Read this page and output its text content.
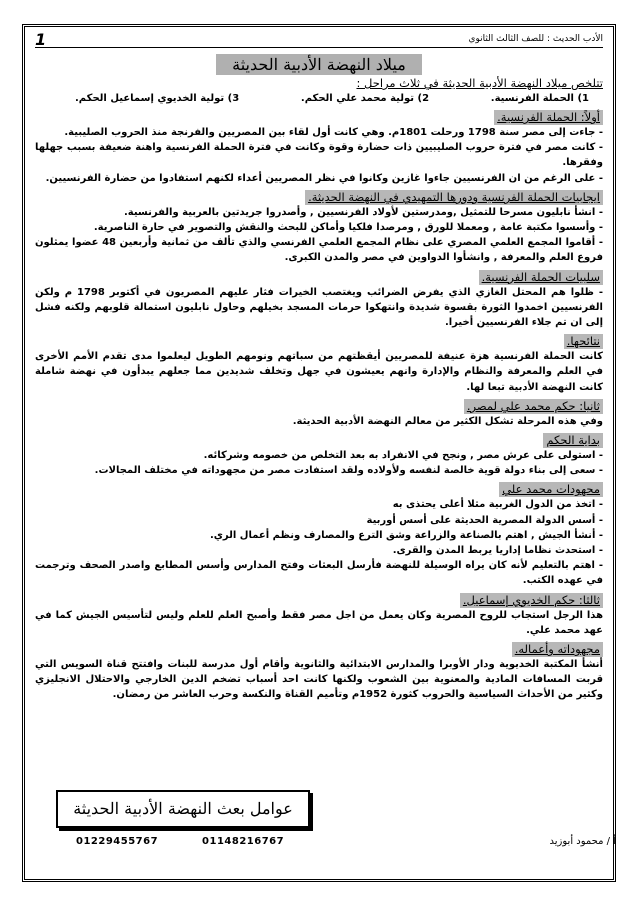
الأدب الحديث : للصف الثالث الثانوي
1
ميلاد النهضة الأدبية الحديثة
تتلخص ميلاد النهضة الأدبية الحديثة في ثلاث مراحل :
1) الحملة الفرنسية.
2) تولية محمد علي الحكم.
3) تولية الخديوي إسماعيل الحكم.
أولاً: الحملة الفرنسية.

- جاءت إلى مصر سنة 1798 ورحلت 1801م. وهي كانت أول لقاء بين المصريين والفرنجة منذ الحروب الصليبية.

- كانت مصر في فترة حروب الصليبيين ذات حضارة وقوة وكانت في فترة الحملة الفرنسية واهنة ضعيفة بسبب جهلها وفقرها.

- على الرغم من ان الفرنسيين جاءوا غازين وكانوا في نظر المصريين أعداء لكنهم استفادوا من حضارة الفرنسيين.

ايجابيات الحملة الفرنسية ودورها التمهيدي في النهضة الحديثة.

- انشأ نابليون مسرحا للتمثيل ,ومدرستين لأولاد الفرنسيين , وأصدروا جريدتين بالعربية والفرنسية.

- وأسسوا مكتبة عامة , ومعملا للورق , ومرصدا فلكيا وأماكن للبحث والنقش والتصوير في حارة الناصرية.

- أقاموا المجمع العلمي المصري على نظام المجمع العلمي الفرنسي والذي تألف من ثمانية وأربعين 48 عضوا يمثلون فروع العلم والمعرفة , وانشأوا الدواوين في مصر والمدن الكبرى.

سلبيات الحملة الفرنسية.

- ظلوا هم المحتل الغازي الذي يفرض الضرائب ويغتصب الخيرات فثار عليهم المصريون في أكتوبر 1798 م ولكن الفرنسيين اخمدوا الثورة بقسوة شديدة وانتهكوا حرمات المسجد بخيلهم وحاول نابليون استمالة قلوبهم ولكنه فشل إلى ان تم جلاء الفرنسيين أخيرا.

نتائجها.

كانت الحملة الفرنسية هزة عنيفة للمصريين أيقظتهم من سباتهم ونومهم الطويل ليعلموا مدى تقدم الأمم الأخرى في العلم والمعرفة والنظام والإدارة وانهم يعيشون في جهل وتخلف شديدين مما جعلهم يبدأون في نهضة شاملة كانت النهضة الأدبية تبعا لها.

ثانيا: حكم محمد علي لمصر.

وفي هذه المرحلة تشكل الكثير من معالم النهضة الأدبية الحديثة.

بداية الحكم

- استولى على عرش مصر , ونجح في الانفراد به بعد التخلص من خصومه وشركائه.

- سعى إلى بناء دولة قوية خالصة لنفسه ولأولاده ولقد استفادت مصر من مجهوداته في مختلف المجالات.

مجهودات محمد علي

- اتخذ من الدول الغربية مثلا أعلى يحتذى به

- أسس الدولة المصرية الحديثة على أسس أوربية

- أنشأ الجيش , اهتم بالصناعة والزراعة وشق الترع والمصارف ونظم أعمال الري.

- استحدث نظاما إداريا يربط المدن والقرى.

- اهتم بالتعليم لأنه كان يراه الوسيلة للنهضة فأرسل البعثات وفتح المدارس وأسس المطابع واصدر الصحف وترجمت في عهده الكتب.

ثالثا: حكم الخديوي إسماعيل.

هذا الرجل استجاب للروح المصرية وكان يعمل من اجل مصر فقط وأصبح العلم للعلم وليس لتأسيس الجيش كما في عهد محمد علي.

مجهوداته وأعماله.

أنشأ المكتبة الخديوية ودار الأوبرا والمدارس الابتدائية والثانوية وأقام أول مدرسة للبنات وافتتح قناة السويس التي قربت المسافات المادية والمعنوية بين الشعوب ولكنها كانت احد أسباب تضخم الدين الخارجي والاحتلال الانجليزي وكثير من الأحداث السياسية والحروب كثورة 1952م وتأميم القناة والنكسة وحرب العاشر من رمضان.

عوامل بعث النهضة الأدبية الحديثة
01229455767	01148216767	أ / محمود أبوزيد
